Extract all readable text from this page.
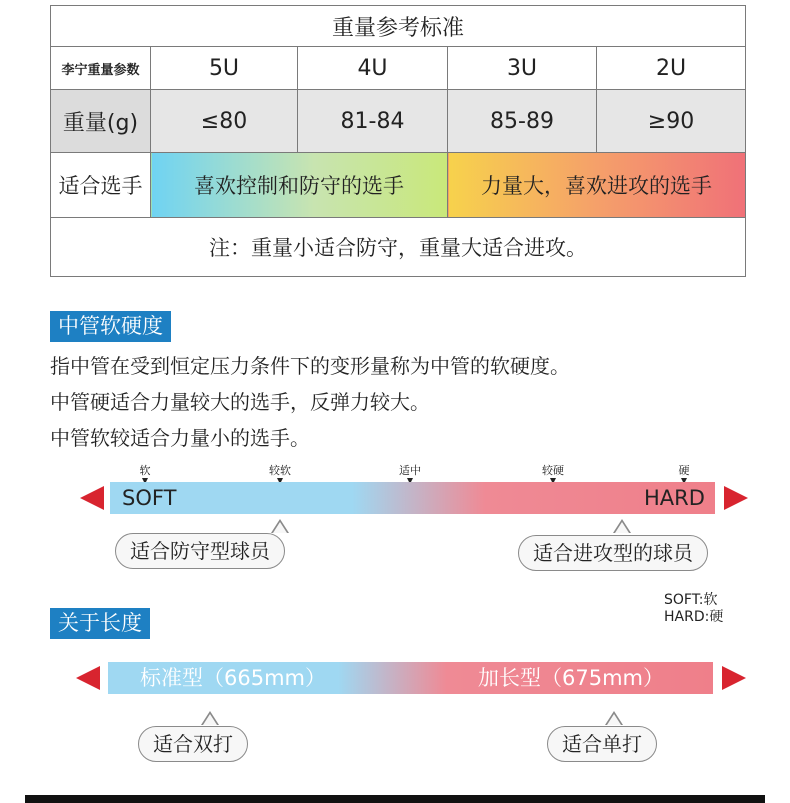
重量参考标准				
李宁重量参数	5U	4U	3U	2U
重量(g)	≤80	81-84	85-89	≥90
适合选手	喜欢控制和防守的选手		力量大，喜欢进攻的选手	
注：重量小适合防守，重量大适合进攻。				
中管软硬度
指中管在受到恒定压力条件下的变形量称为中管的软硬度。
中管硬适合力量较大的选手，反弹力较大。
中管软较适合力量小的选手。
软	较软	适中	较硬	硬
SOFT	HARD
适合防守型球员	适合进攻型的球员
SOFT:软
HARD:硬
关于长度
标准型（665mm）	加长型（675mm）
适合双打	适合单打
